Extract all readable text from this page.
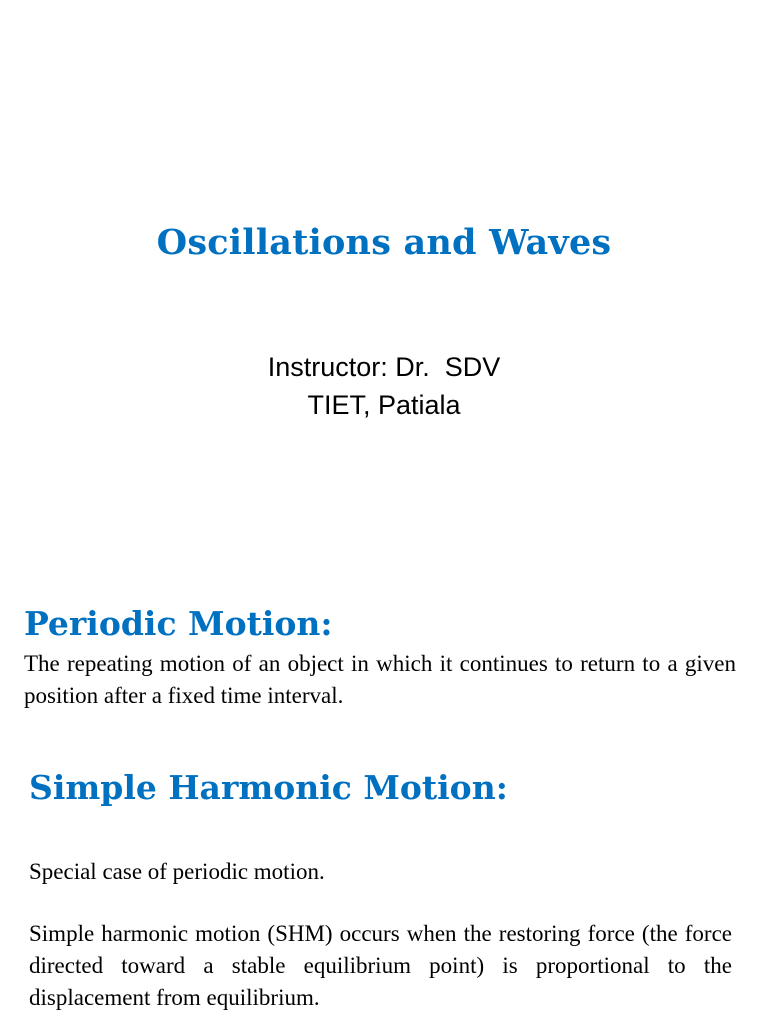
Oscillations and Waves
Instructor: Dr.  SDV
TIET, Patiala
Periodic Motion:
The repeating motion of an object in which it continues to return to a given position after a fixed time interval.
Simple Harmonic Motion:
Special case of periodic motion.
Simple harmonic motion (SHM) occurs when the restoring force (the force directed toward a stable equilibrium point) is proportional to the displacement from equilibrium.
